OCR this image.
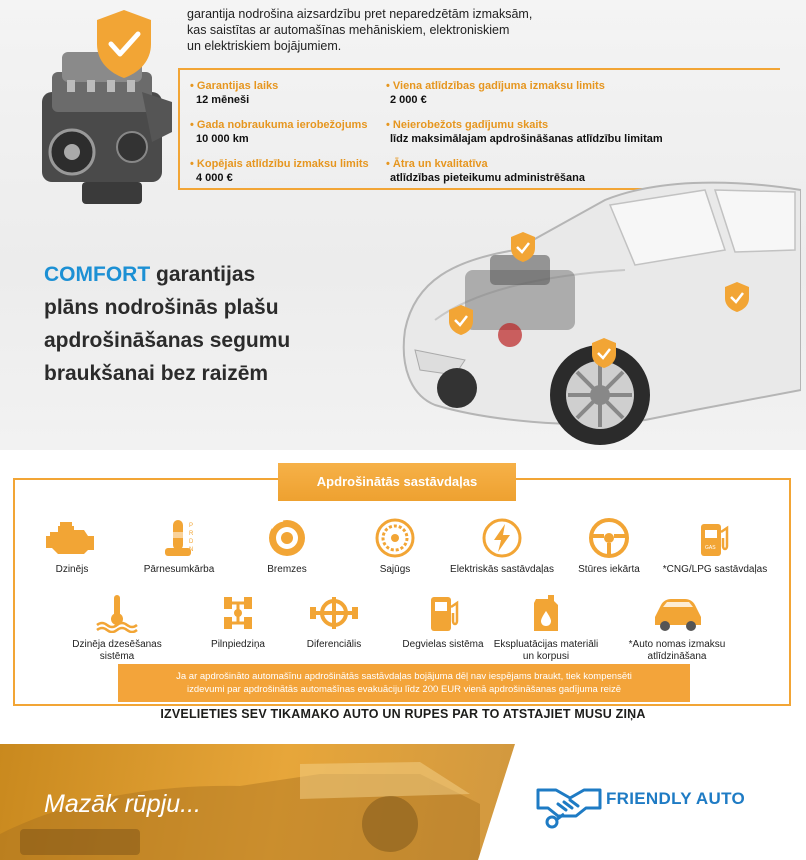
garantija nodrošina aizsardzību pret neparedzētām izmaksām,
kas saistītas ar automašīnas mehāniskiem, elektroniskiem
un elektriskiem bojājumiem.
• Garantijas laiks
12 mēneši
• Viena atlīdzības gadījuma izmaksu limits
2 000 €
• Gada nobraukuma ierobežojums
10 000 km
• Neierobežots gadījumu skaits
līdz maksimālajam apdrošināšanas atlīdzību limitam
• Kopējais atlīdzību izmaksu limits
4 000 €
• Ātra un kvalitatīva
atlīdzības pieteikumu administrēšana
COMFORT garantijas
plāns nodrošinās plašu
apdrošināšanas segumu
braukšanai bez raizēm
Apdrošinātās sastāvdaļas
Dzinējs
P
R
D
N
Pārnesumkārba	Bremzes	Sajūgs	Elektriskās sastāvdaļas	Stūres iekārta
GAS
*CNG/LPG sastāvdaļas
Dzinēja dzesēšanas sistēma
Pilnpiedziņa	Diferenciālis	Degvielas sistēma	Ekspluatācijas materiāli un korpusi
*Auto nomas izmaksu atlīdzināšana
Ja ar apdrošināto automašīnu apdrošinātās sastāvdaļas bojājuma dēļ nav iespējams braukt, tiek kompensēti
izdevumi par apdrošinātās automašīnas evakuāciju līdz 200 EUR vienā apdrošināšanas gadījuma reizē
IZVELIETIES SEV TIKAMAKO AUTO UN RUPES PAR TO ATSTAJIET MUSU ZIŅA
Mazāk rūpju...	FRIENDLY AUTO
